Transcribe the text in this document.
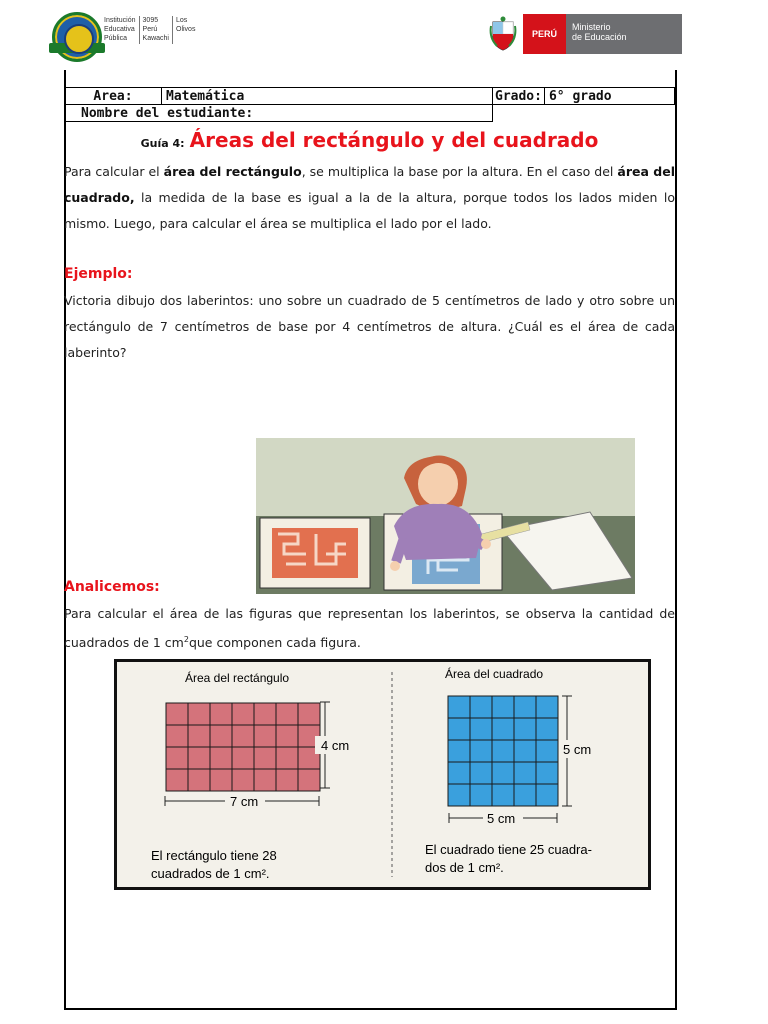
Institución
Educativa
Pública
3095
Perú
Kawachi
Los
Olivos	PERÚ
Ministerio
de Educación
Area:	Matemática	Grado:	6° grado
Nombre del estudiante:			
Guía 4: Áreas del rectángulo y del cuadrado
Para calcular el área del rectángulo, se multiplica la base por la altura. En el caso del área del cuadrado, la medida de la base es igual a la de la altura, porque todos los lados miden lo mismo. Luego, para calcular el área se multiplica el lado por el lado.
Ejemplo:
Victoria dibujo dos laberintos: uno sobre un cuadrado de 5 centímetros de lado y otro sobre un rectángulo de 7 centímetros de base por 4 centímetros de altura. ¿Cuál es el área de cada laberinto?
Analicemos:
Para calcular el área de las figuras que representan los laberintos, se observa la cantidad de cuadrados de 1 $cm^2que$ componen cada figura.
Área del rectángulo	Área del cuadrado
4 cm
7 cm
5 cm
5 cm
El rectángulo tiene 28
cuadrados de 1 cm².
El cuadrado tiene 25 cuadra-
dos de 1 cm².
